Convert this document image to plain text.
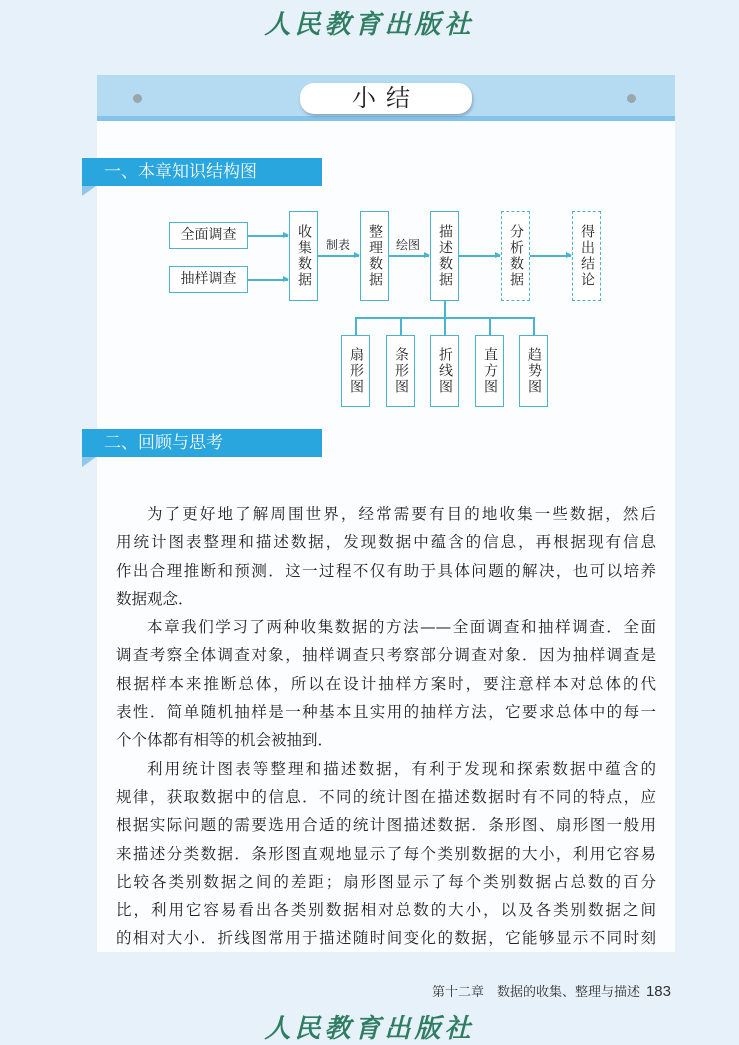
人民教育出版社
小结
一、本章知识结构图
全面调查
抽样调查	收集数据	制表	整理数据	绘图	描述数据	分析数据	得出结论
扇形图	条形图	折线图	直方图	趋势图
二、回顾与思考
为了更好地了解周围世界，经常需要有目的地收集一些数据，然后
用统计图表整理和描述数据，发现数据中蕴含的信息，再根据现有信息
作出合理推断和预测．这一过程不仅有助于具体问题的解决，也可以培养
数据观念．
本章我们学习了两种收集数据的方法——全面调查和抽样调查．全面
调查考察全体调查对象，抽样调查只考察部分调查对象．因为抽样调查是
根据样本来推断总体，所以在设计抽样方案时，要注意样本对总体的代
表性．简单随机抽样是一种基本且实用的抽样方法，它要求总体中的每一
个个体都有相等的机会被抽到．
利用统计图表等整理和描述数据，有利于发现和探索数据中蕴含的
规律，获取数据中的信息．不同的统计图在描述数据时有不同的特点，应
根据实际问题的需要选用合适的统计图描述数据．条形图、扇形图一般用
来描述分类数据．条形图直观地显示了每个类别数据的大小，利用它容易
比较各类别数据之间的差距；扇形图显示了每个类别数据占总数的百分
比，利用它容易看出各类别数据相对总数的大小，以及各类别数据之间
的相对大小．折线图常用于描述随时间变化的数据，它能够显示不同时刻
第十二章　数据的收集、整理与描述 183
人民教育出版社
